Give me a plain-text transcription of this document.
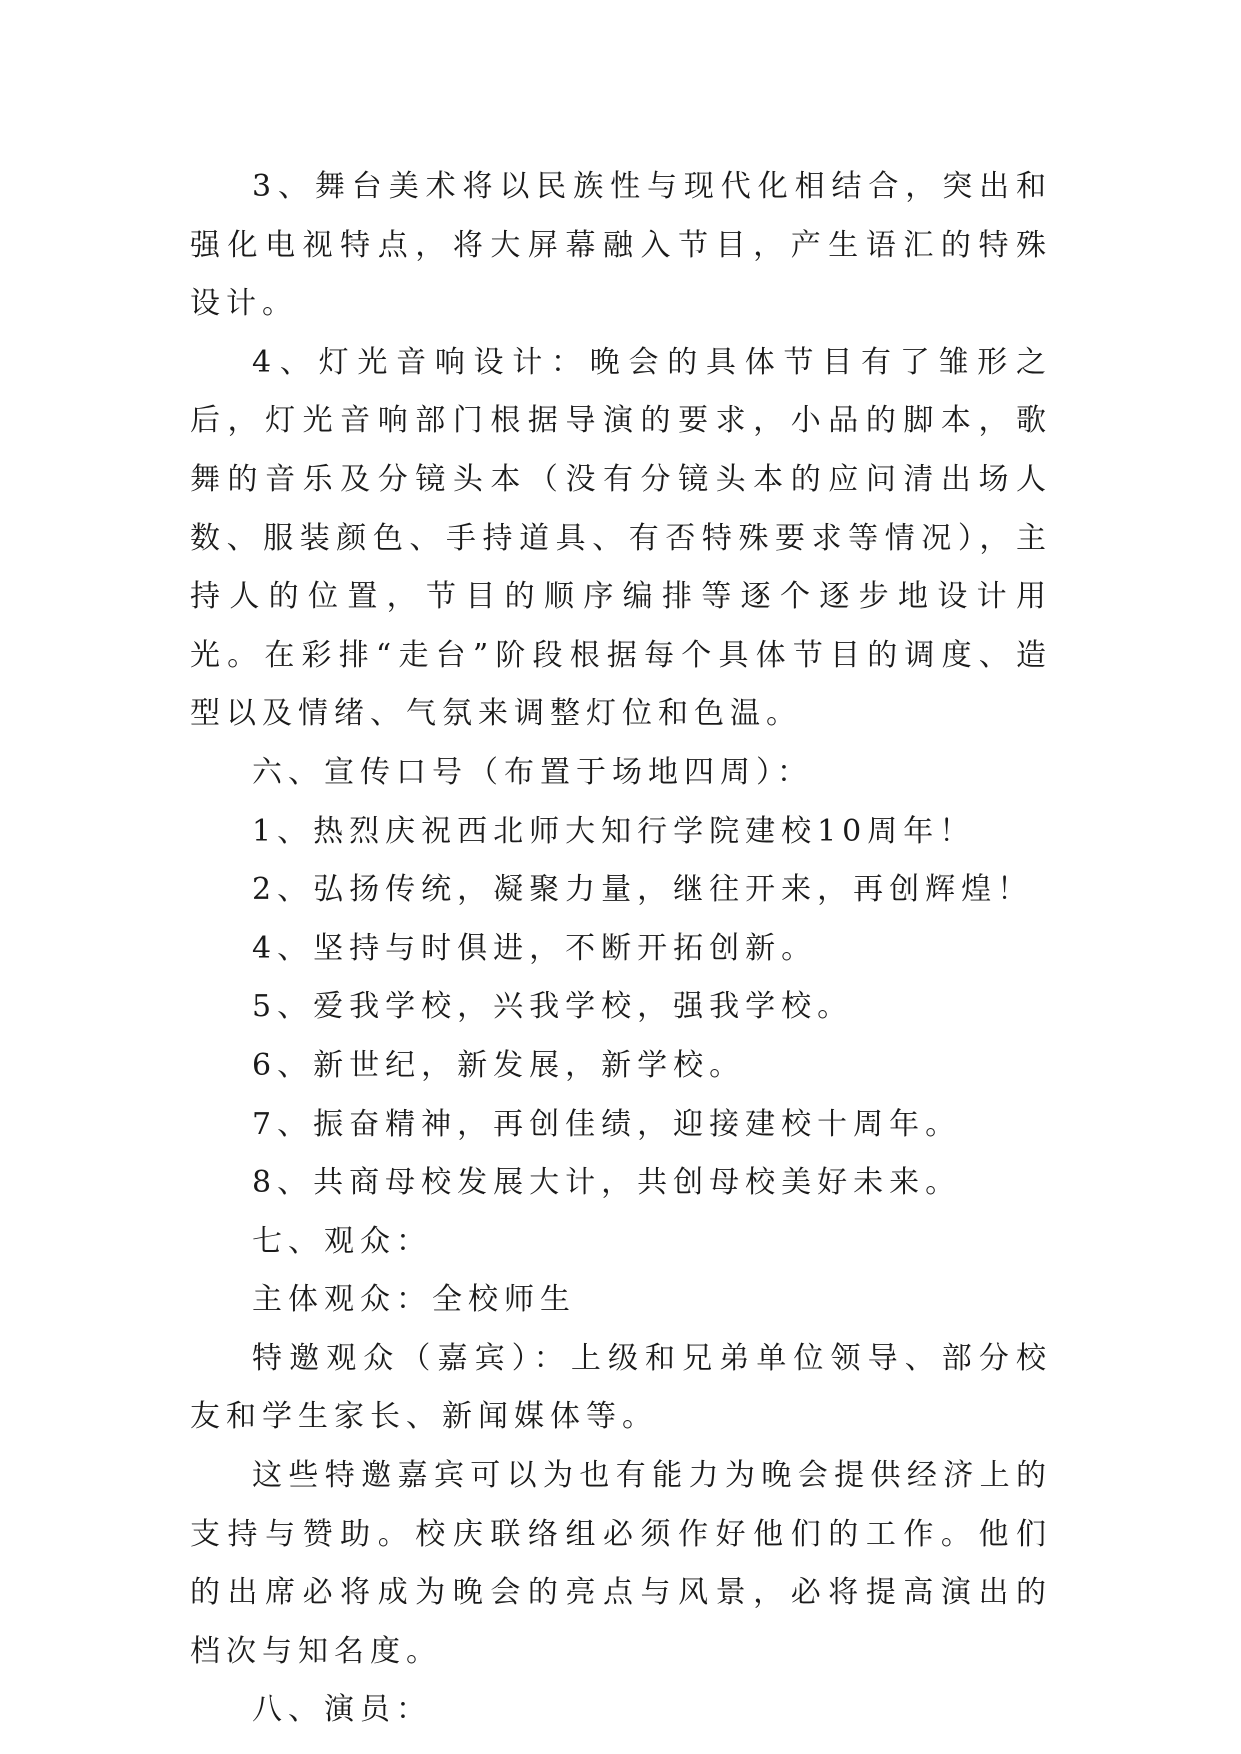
3、舞台美术将以民族性与现代化相结合，突出和强化电视特点，将大屏幕融入节目，产生语汇的特殊设计。

4、灯光音响设计：晚会的具体节目有了雏形之后，灯光音响部门根据导演的要求，小品的脚本，歌舞的音乐及分镜头本（没有分镜头本的应问清出场人数、服装颜色、手持道具、有否特殊要求等情况），主持人的位置，节目的顺序编排等逐个逐步地设计用光。在彩排“走台”阶段根据每个具体节目的调度、造型以及情绪、气氛来调整灯位和色温。

六、宣传口号（布置于场地四周）：

1、热烈庆祝西北师大知行学院建校10周年！

2、弘扬传统，凝聚力量，继往开来，再创辉煌！

4、坚持与时俱进，不断开拓创新。

5、爱我学校，兴我学校，强我学校。

6、新世纪，新发展，新学校。

7、振奋精神，再创佳绩，迎接建校十周年。

8、共商母校发展大计，共创母校美好未来。

七、观众：

主体观众：全校师生

特邀观众（嘉宾）：上级和兄弟单位领导、部分校友和学生家长、新闻媒体等。

这些特邀嘉宾可以为也有能力为晚会提供经济上的支持与赞助。校庆联络组必须作好他们的工作。他们的出席必将成为晚会的亮点与风景，必将提高演出的档次与知名度。

八、演员：
